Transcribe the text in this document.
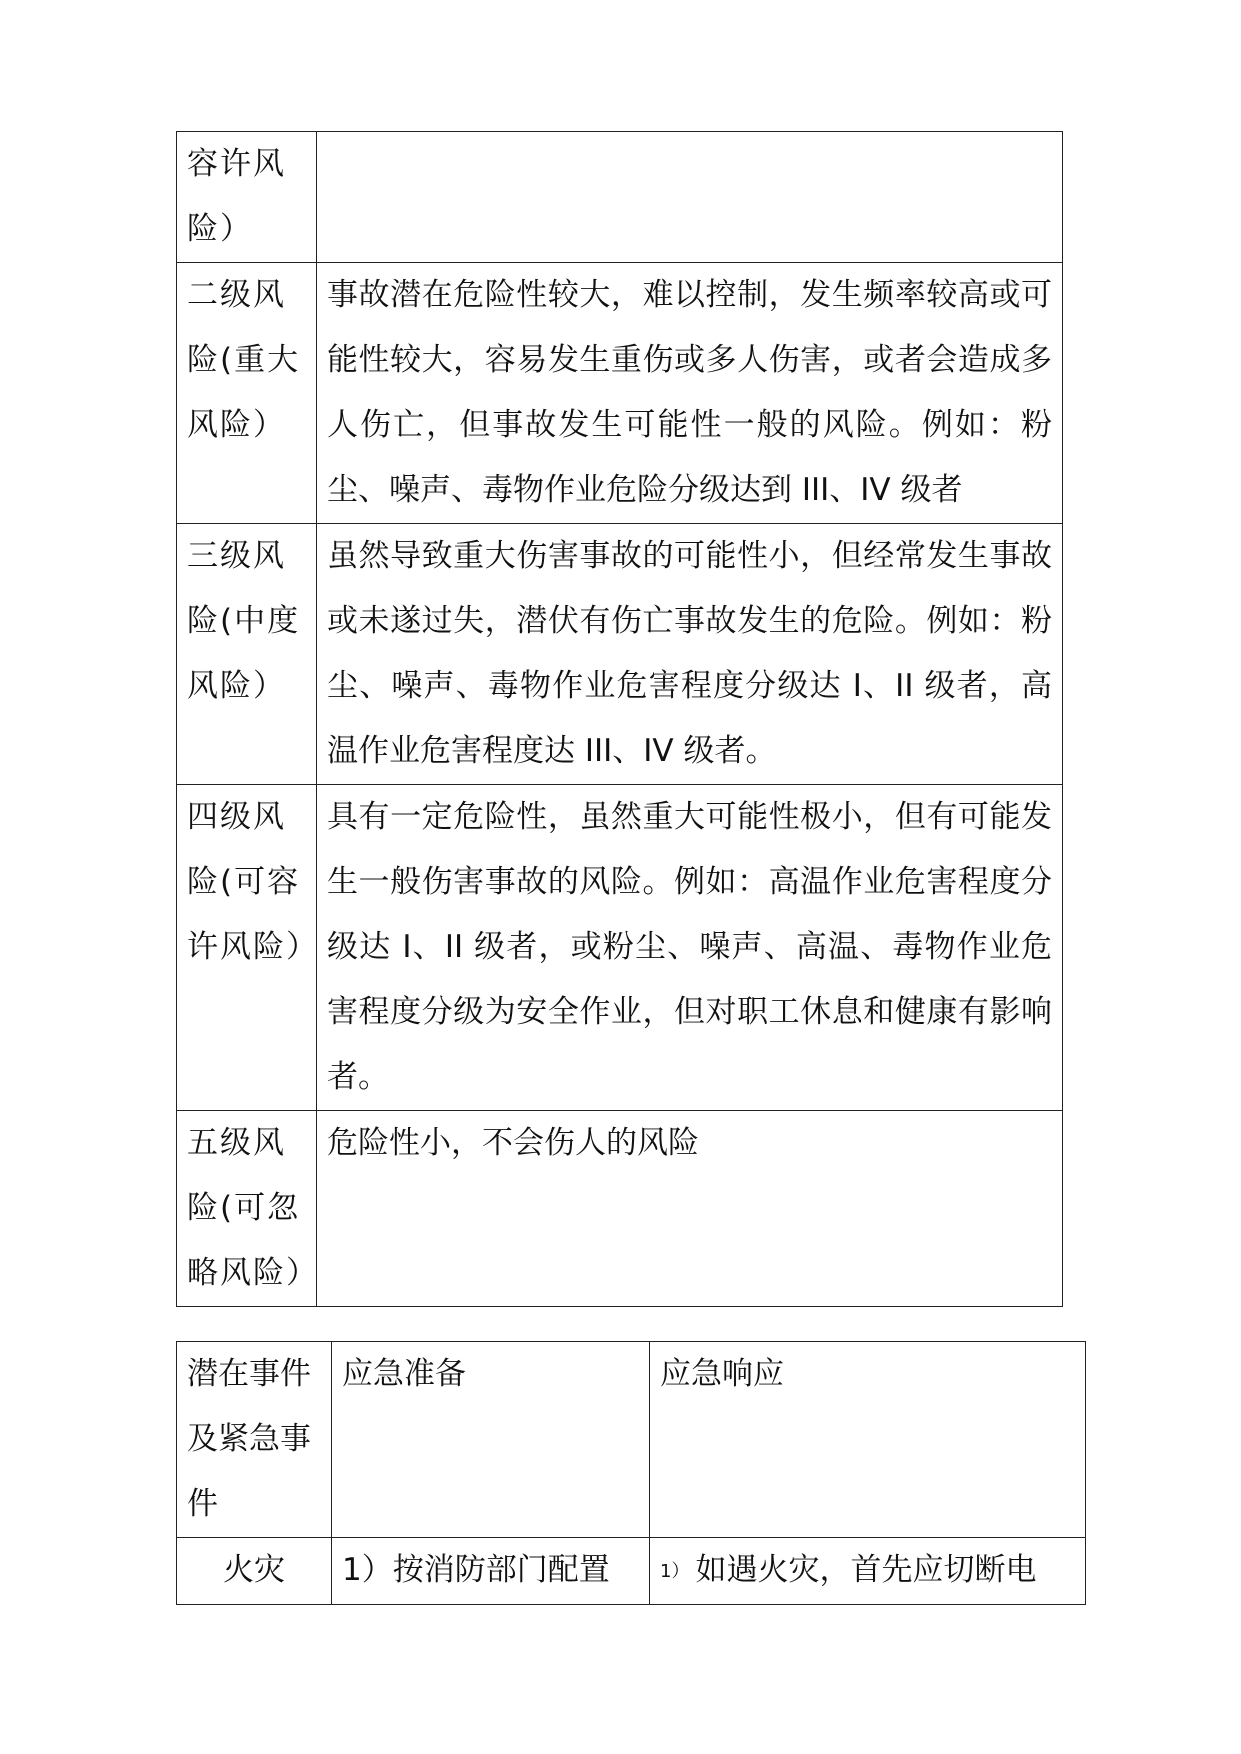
容许风险）	
二级风险(重大风险）	事故潜在危险性较大，难以控制，发生频率较高或可能性较大，容易发生重伤或多人伤害，或者会造成多人伤亡，但事故发生可能性一般的风险。例如：粉尘、噪声、毒物作业危险分级达到 III、IV 级者
三级风险(中度风险）	虽然导致重大伤害事故的可能性小，但经常发生事故或未遂过失，潜伏有伤亡事故发生的危险。例如：粉尘、噪声、毒物作业危害程度分级达 I、II 级者，高温作业危害程度达 III、IV 级者。
四级风险(可容许风险）	具有一定危险性，虽然重大可能性极小，但有可能发生一般伤害事故的风险。例如：高温作业危害程度分级达 I、II 级者，或粉尘、噪声、高温、毒物作业危害程度分级为安全作业，但对职工休息和健康有影响者。
五级风险(可忽略风险）	危险性小，不会伤人的风险
潜在事件及紧急事件	应急准备	应急响应
火灾	1）按消防部门配置	1） 如遇火灾，首先应切断电
